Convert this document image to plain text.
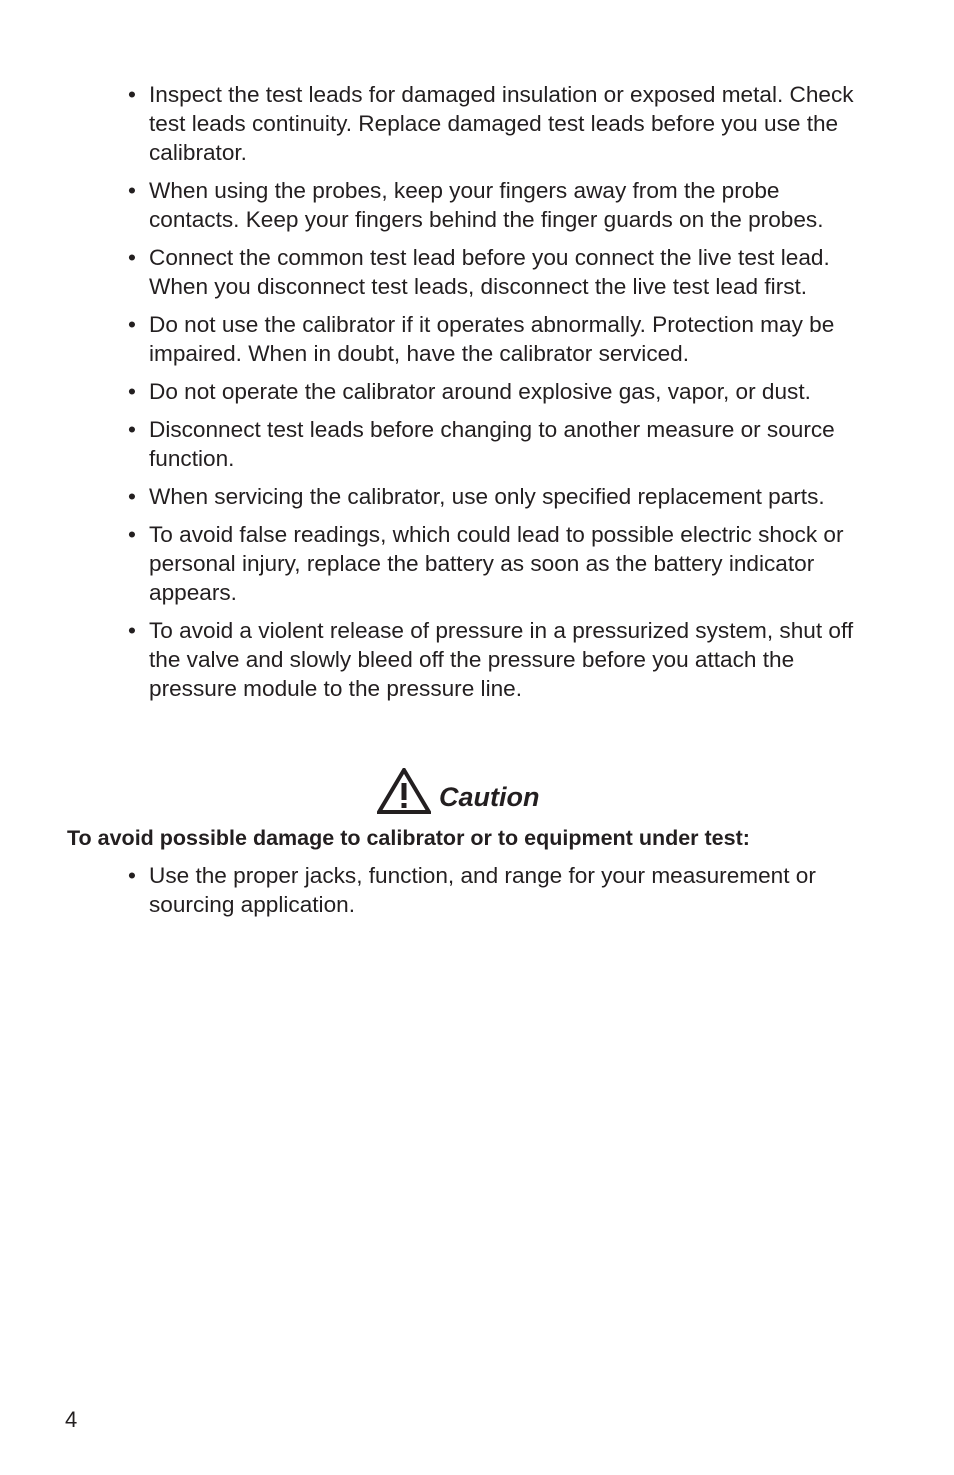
• Inspect the test leads for damaged insulation or exposed metal. Check test leads continuity. Replace damaged test leads before you use the calibrator.
• When using the probes, keep your fingers away from the probe contacts. Keep your fingers behind the finger guards on the probes.
• Connect the common test lead before you connect the live test lead. When you disconnect test leads, disconnect the live test lead first.
• Do not use the calibrator if it operates abnormally. Protection may be impaired. When in doubt, have the calibrator serviced.
• Do not operate the calibrator around explosive gas, vapor, or dust.
• Disconnect test leads before changing to another measure or source function.
• When servicing the calibrator, use only specified replacement parts.
• To avoid false readings, which could lead to possible electric shock or personal injury, replace the battery as soon as the battery indicator appears.
• To avoid a violent release of pressure in a pressurized system, shut off the valve and slowly bleed off the pressure before you attach the pressure module to the pressure line.
Caution
To avoid possible damage to calibrator or to equipment under test:
• Use the proper jacks, function, and range for your measurement or sourcing application.
4
